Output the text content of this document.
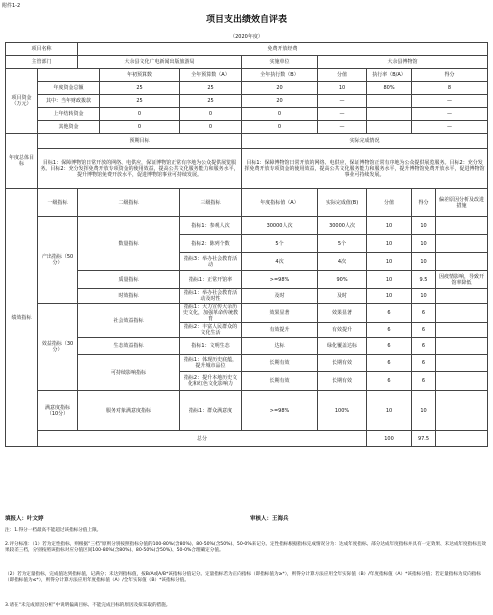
附件1-2
项目支出绩效自评表
（2020年度）
项目名称		免费开放经费							
主管部门		大余县文化广电新闻出版旅游局			实施单位	大余县博物馆			
项目资金（万元）			年初预算数	全年预算数（A）	全年执行数（B）	分值	执行率（B/A）	得分	
	年度资金总额		25	25	20	10	80%	8	
	其中：当年财政拨款		25	25	20	—		—	
	上年结转资金		0	0	0	—		—	
	其他资金		0	0	0	—		—	
年度总体目标	预期目标				实际完成情况				
	目标1：保障博物馆日常开放的网络、电供应，保证博物馆正常有序地为公众提供展览服务。目标2：充分发挥免费开放专项资金的使用效益，提高公共文化服务能力和服务水平，提升博物馆免费开放水平，促进博物馆事业可持续发展。				目标1：保障博物馆日常开放的网络、电供应，保证博物馆正常有序地为公众提供展览服务。目标2：充分发挥免费开放专项资金的使用效益，提高公共文化服务能力和服务水平，提升博物馆免费开放水平，促进博物馆事业可持续发展。				
绩效指标	一级指标	二级指标		三级指标	年度指标值（A）	实际完成值(B)	分值	得分	偏差原因分析及改进措施
	产出指标（50分）	数量指标		指标1：参观人次	30000人次	30000人次	10	10	
				指标2：陈列个数	5个	5个	10	10	
				指标3：举办社会教育活动	4次	4次	10	10	
		质量指标		指标1：正常开馆率	>=98%	90%	10	9.5	因疫情影响，导致开馆率降低
		时效指标		指标1：举办社会教育活动及时性	及时	及时	10	10	
	效益指标（30分）	社会效益指标		指标1：大力宣传大余历史文化，加强革命传统教育	效果显著	效果显著	6	6	
				指标2：丰富人民群众的文化生活	有效提升	有效提升	6	6	
		生态效益指标		指标1：文明生态	达标	绿化覆盖达标	6	6	
		可持续影响指标		指标1：体现历史底蕴，提升城市品位	长期有效	长期有效	6	6	
				指标2：提升本地历史文化和红色文化影响力	长期有效	长期有效	6	6	
	满意度指标（10分）	服务对象满意度指标		指标1：群众满意度	>=98%	100%	10	10	
	总分						100	97.5	
填报人：叶文婷	审核人：王海兵

注：1.得分一档最高不能超过该指标分值上限。

2.评分标准：（1）若为定性指标，则根据“三档”原则分别按照指标分值的100-80%(含80%)、80-50%(含50%)、50-0%来记分。定性指标根据指标完成情况分为：达成年度指标、部分达成年度指标并具有一定效果、未达成年度指标且效果较差三档，分别按照该指标对应分值区间100-80%(含80%)、80-50%(含50%)、50-0%合理确定分值。

（2）若为定量指标，完成值达到指标值，记满分；未达到指标值，按B/A或A/B*该指标分值记分。定量指标若为正向指标（即指标值为≥*），则得分计算方法应用全年实际值（B）/年度指标值（A）*该指标分值；若定量指标为反向指标（即指标值为≤*），则得分计算方法应用年度指标值（A）/全年实际值（B）*该指标分值。

3.请在“未完成原因分析”中说明偏离目标、不能完成目标的原因及拟采取的措施。
